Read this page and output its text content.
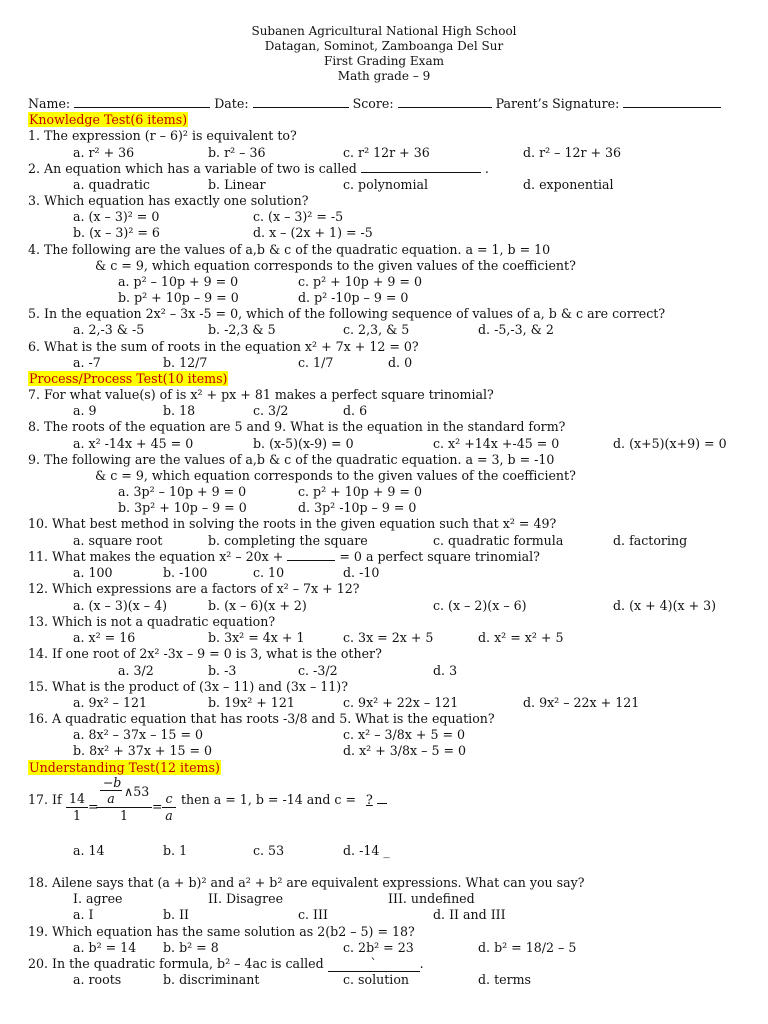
Subanen Agricultural National High School
Datagan, Sominot, Zamboanga Del Sur
First Grading Exam
Math grade – 9
Name:	Date:	Score:	Parent’s Signature:
Knowledge Test(6 items)
1. The expression (r – 6)² is equivalent to?
a. r² + 36	b. r² – 36	c. r² 12r + 36	d. r² – 12r + 36
2. An equation which has a variable of two is called	.
a. quadratic	b. Linear	c. polynomial	d. exponential
3. Which equation has exactly one solution?
a. (x – 3)² = 0	c. (x – 3)² = -5
b. (x – 3)² = 6	d. x – (2x + 1) = -5
4. The following are the values of a,b & c of the quadratic equation. a = 1, b = 10
& c = 9, which equation corresponds to the given values of the coefficient?
a. p² – 10p + 9 = 0	c. p² + 10p + 9 = 0
b. p² + 10p – 9 = 0	d. p² -10p – 9 = 0
5. In the equation 2x² – 3x -5 = 0, which of the following sequence of values of a, b & c are correct?
a. 2,-3 & -5	b. -2,3 & 5	c. 2,3, & 5	d. -5,-3, & 2
6. What is the sum of roots in the equation x² + 7x + 12 = 0?
a. -7	b. 12/7	c. 1/7	d. 0
Process/Process Test(10 items)
7. For what value(s) of is x² + px + 81 makes a perfect square trinomial?
a. 9	b. 18	c. 3/2	d. 6
8. The roots of the equation are 5 and 9. What is the equation in the standard form?
a. x² -14x + 45 = 0	b. (x-5)(x-9) = 0	c. x² +14x +-45 = 0	d. (x+5)(x+9) = 0
9. The following are the values of a,b & c of the quadratic equation. a = 3, b = -10
& c = 9, which equation corresponds to the given values of the coefficient?
a. 3p² – 10p + 9 = 0	c. p² + 10p + 9 = 0
b. 3p² + 10p – 9 = 0	d. 3p² -10p – 9 = 0
10. What best method in solving the roots in the given equation such that x² = 49?
a. square root	b. completing the square	c. quadratic formula	d. factoring
11. What makes the equation x² – 20x +	= 0 a perfect square trinomial?
a. 100	b. -100	c. 10	d. -10
12. Which expressions are a factors of x² – 7x + 12?
a. (x – 3)(x – 4)	b. (x – 6)(x + 2)	c. (x – 2)(x – 6)	d. (x + 4)(x + 3)
13. Which is not a quadratic equation?
a. x² = 16	b. 3x² = 4x + 1	c. 3x = 2x + 5	d. x² = x² + 5
14. If one root of 2x² -3x – 9 = 0 is 3, what is the other?
a. 3/2	b. -3	c. -3/2	d. 3
15. What is the product of (3x – 11) and (3x – 11)?
a. 9x² – 121	b. 19x² + 121	c. 9x² + 22x – 121	d. 9x² – 22x + 121
16. A quadratic equation that has roots -3/8 and 5. What is the equation?
a. 8x² – 37x – 15 = 0	c. x² – 3/8x + 5 = 0
b. 8x² + 37x + 15 = 0	d. x² + 3/8x – 5 = 0
Understanding Test(12 items)
17. If 14
1
=
−b
a ∧53
1
=
c
a
then a = 1, b = -14 and c = ?
a. 14	b. 1	c. 53	d. -14 _
18. Ailene says that (a + b)² and a² + b² are equivalent expressions. What can you say?
I. agree	II. Disagree	III. undefined
a. I	b. II	c. III	d. II and III
19. Which equation has the same solution as 2(b2 – 5) = 18?
a. b² = 14 b. b² = 8	c. 2b² = 23	d. b² = 18/2 – 5
20. In the quadratic formula, b² – 4ac is called	`	.
a. roots	b. discriminant	c. solution	d. terms
